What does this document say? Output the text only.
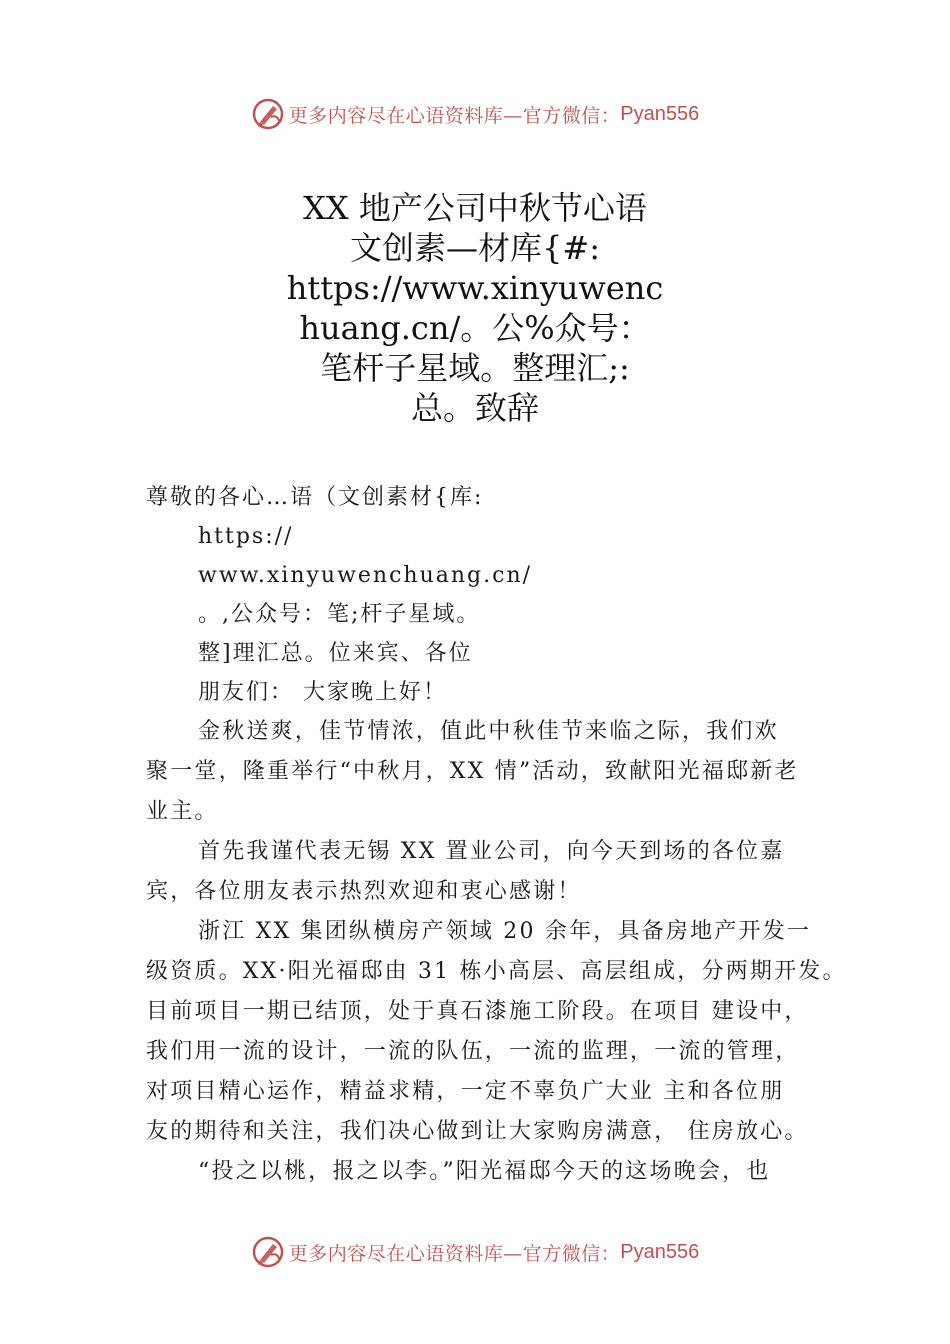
更多内容尽在心语资料库—官方微信： Pyan556
XX 地产公司中秋节心语
文创素—材库{#:
https://www.xinyuwenc
huang.cn/。公%众号：
笔杆子星域。整理汇;:
总。致辞
尊敬的各心…语（文创素材{库:
https://
www.xinyuwenchuang.cn/
。,公众号：笔;杆子星域。
整]理汇总。位来宾、各位
朋友们： 大家晚上好！
金秋送爽，佳节情浓，值此中秋佳节来临之际，我们欢
聚一堂，隆重举行“中秋月，XX 情”活动，致献阳光福邸新老
业主。
首先我谨代表无锡 XX 置业公司，向今天到场的各位嘉
宾，各位朋友表示热烈欢迎和衷心感谢！
浙江 XX 集团纵横房产领域 20 余年，具备房地产开发一
级资质。XX·阳光福邸由 31 栋小高层、高层组成，分两期开发。
目前项目一期已结顶，处于真石漆施工阶段。在项目 建设中，
我们用一流的设计，一流的队伍，一流的监理，一流的管理，
对项目精心运作，精益求精，一定不辜负广大业 主和各位朋
友的期待和关注，我们决心做到让大家购房满意， 住房放心。
“投之以桃，报之以李。”阳光福邸今天的这场晚会，也
更多内容尽在心语资料库—官方微信： Pyan556
